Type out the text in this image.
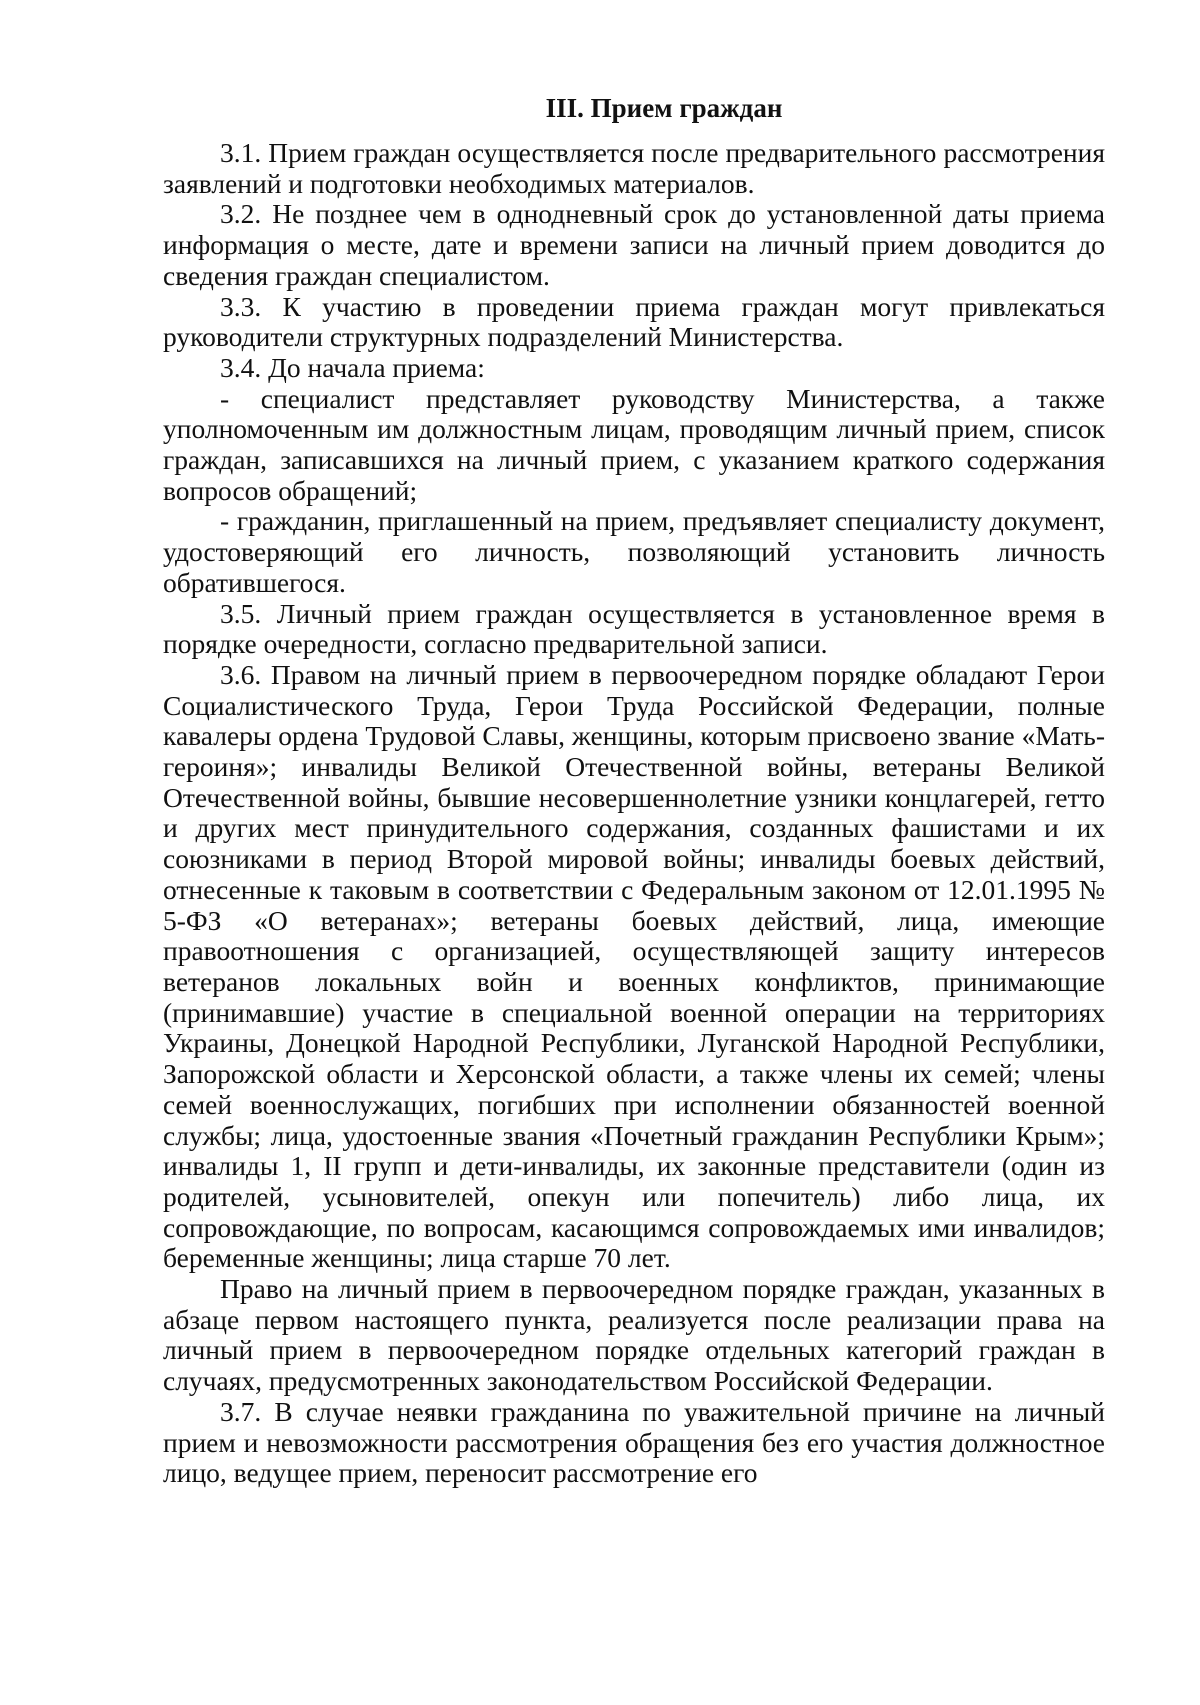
III. Прием граждан

3.1. Прием граждан осуществляется после предварительного рассмотрения заявлений и подготовки необходимых материалов.

3.2. Не позднее чем в однодневный срок до установленной даты приема информация о месте, дате и времени записи на личный прием доводится до сведения граждан специалистом.

3.3. К участию в проведении приема граждан могут привлекаться руководители структурных подразделений Министерства.

3.4. До начала приема:

- специалист представляет руководству Министерства, а также уполномоченным им должностным лицам, проводящим личный прием, список граждан, записавшихся на личный прием, с указанием краткого содержания вопросов обращений;

- гражданин, приглашенный на прием, предъявляет специалисту документ, удостоверяющий его личность, позволяющий установить личность обратившегося.

3.5. Личный прием граждан осуществляется в установленное время в порядке очередности, согласно предварительной записи.

3.6. Правом на личный прием в первоочередном порядке обладают Герои Социалистического Труда, Герои Труда Российской Федерации, полные кавалеры ордена Трудовой Славы, женщины, которым присвоено звание «Мать-героиня»; инвалиды Великой Отечественной войны, ветераны Великой Отечественной войны, бывшие несовершеннолетние узники концлагерей, гетто и других мест принудительного содержания, созданных фашистами и их союзниками в период Второй мировой войны; инвалиды боевых действий, отнесенные к таковым в соответствии с Федеральным законом от 12.01.1995 № 5-ФЗ «О ветеранах»; ветераны боевых действий, лица, имеющие правоотношения с организацией, осуществляющей защиту интересов ветеранов локальных войн и военных конфликтов, принимающие (принимавшие) участие в специальной военной операции на территориях Украины, Донецкой Народной Республики, Луганской Народной Республики, Запорожской области и Херсонской области, а также члены их семей; члены семей военнослужащих, погибших при исполнении обязанностей военной службы; лица, удостоенные звания «Почетный гражданин Республики Крым»; инвалиды 1, II групп и дети-инвалиды, их законные представители (один из родителей, усыновителей, опекун или попечитель) либо лица, их сопровождающие, по вопросам, касающимся сопровождаемых ими инвалидов; беременные женщины; лица старше 70 лет.

Право на личный прием в первоочередном порядке граждан, указанных в абзаце первом настоящего пункта, реализуется после реализации права на личный прием в первоочередном порядке отдельных категорий граждан в случаях, предусмотренных законодательством Российской Федерации.

3.7. В случае неявки гражданина по уважительной причине на личный прием и невозможности рассмотрения обращения без его участия должностное лицо, ведущее прием, переносит рассмотрение его
